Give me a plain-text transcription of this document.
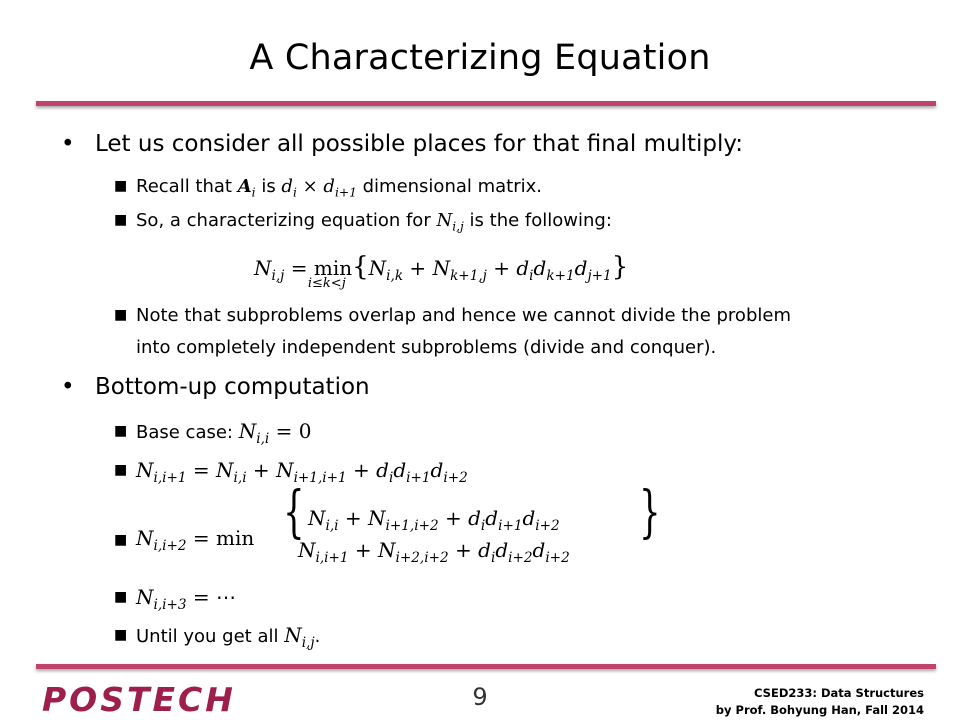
A Characterizing Equation
• Let us consider all possible places for that final multiply:
■ Recall that $A_i$ is $d_i \times d_{i+1}$ dimensional matrix.
■ So, a characterizing equation for $N_{i,j}$ is the following:
$N_{i,j} = \min$
i≤k<j
$\{N_{i,k} + N_{k+1,j} + d_id_{k+1}d_{j+1}\}$
■ Note that subproblems overlap and hence we cannot divide the problem
into completely independent subproblems (divide and conquer).
• Bottom-up computation
■ Base case: $N_{i,i} = 0$
■ $N_{i,i+1} = N_{i,i} + N_{i+1,i+1} + d_id_{i+1}d_{i+2}$
■ $N_{i,i+2} = \min$
$N_{i,i} + N_{i+1,i+2} + d_id_{i+1}d_{i+2}$
$N_{i,i+1} + N_{i+2,i+2} + d_id_{i+2}d_{i+2}$
{	}
■ $N_{i,i+3}$ = ⋯
■ Until you get all $N_{i,j}$.
POSTECH	9	CSED233: Data Structures
by Prof. Bohyung Han, Fall 2014
